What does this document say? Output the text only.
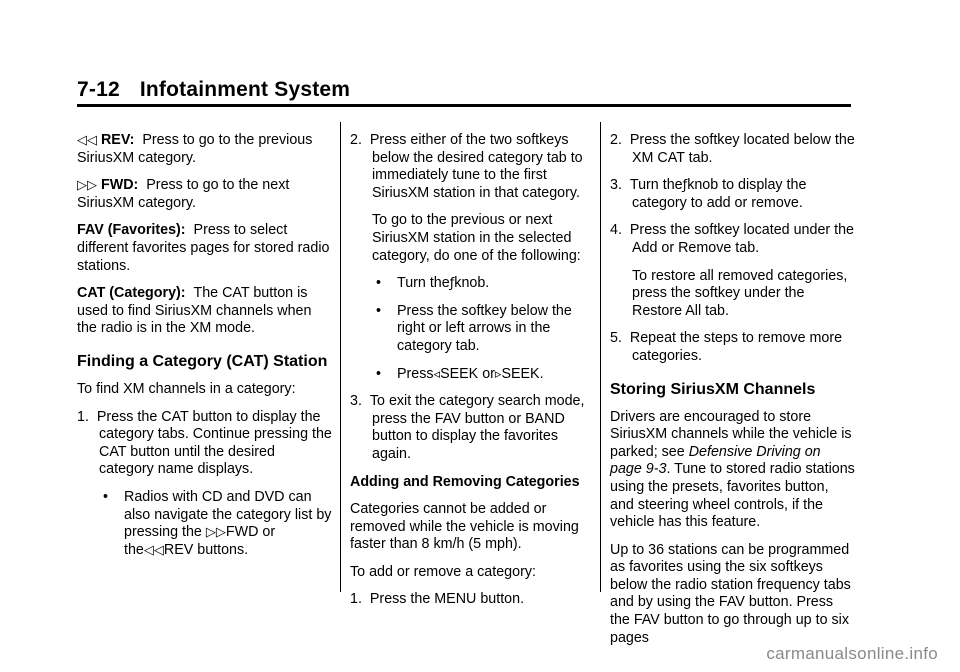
7-12 Infotainment System

◁◁ REV: Press to go to the previous SiriusXM category.

▷▷ FWD: Press to go to the next SiriusXM category.

FAV (Favorites): Press to select different favorites pages for stored radio stations.

CAT (Category): The CAT button is used to find SiriusXM channels when the radio is in the XM mode.

Finding a Category (CAT) Station

To find XM channels in a category:

1. Press the CAT button to display the category tabs. Continue pressing the CAT button until the desired category name displays.

• Radios with CD and DVD can also navigate the category list by pressing the ▷▷FWD or the◁◁REV buttons.

2. Press either of the two softkeys below the desired category tab to immediately tune to the first SiriusXM station in that category.

To go to the previous or next SiriusXM station in the selected category, do one of the following:

• Turn theƒknob.
• Press the softkey below the right or left arrows in the category tab.
• Press◃SEEK or▹SEEK.

3. To exit the category search mode, press the FAV button or BAND button to display the favorites again.

Adding and Removing Categories

Categories cannot be added or removed while the vehicle is moving faster than 8 km/h (5 mph).

To add or remove a category:

1. Press the MENU button.

2. Press the softkey located below the XM CAT tab.

3. Turn theƒknob to display the category to add or remove.

4. Press the softkey located under the Add or Remove tab.

To restore all removed categories, press the softkey under the Restore All tab.

5. Repeat the steps to remove more categories.

Storing SiriusXM Channels

Drivers are encouraged to store SiriusXM channels while the vehicle is parked; see Defensive Driving on page 9-3. Tune to stored radio stations using the presets, favorites button, and steering wheel controls, if the vehicle has this feature.

Up to 36 stations can be programmed as favorites using the six softkeys below the radio station frequency tabs and by using the FAV button. Press the FAV button to go through up to six pages

carmanualsonline.info
